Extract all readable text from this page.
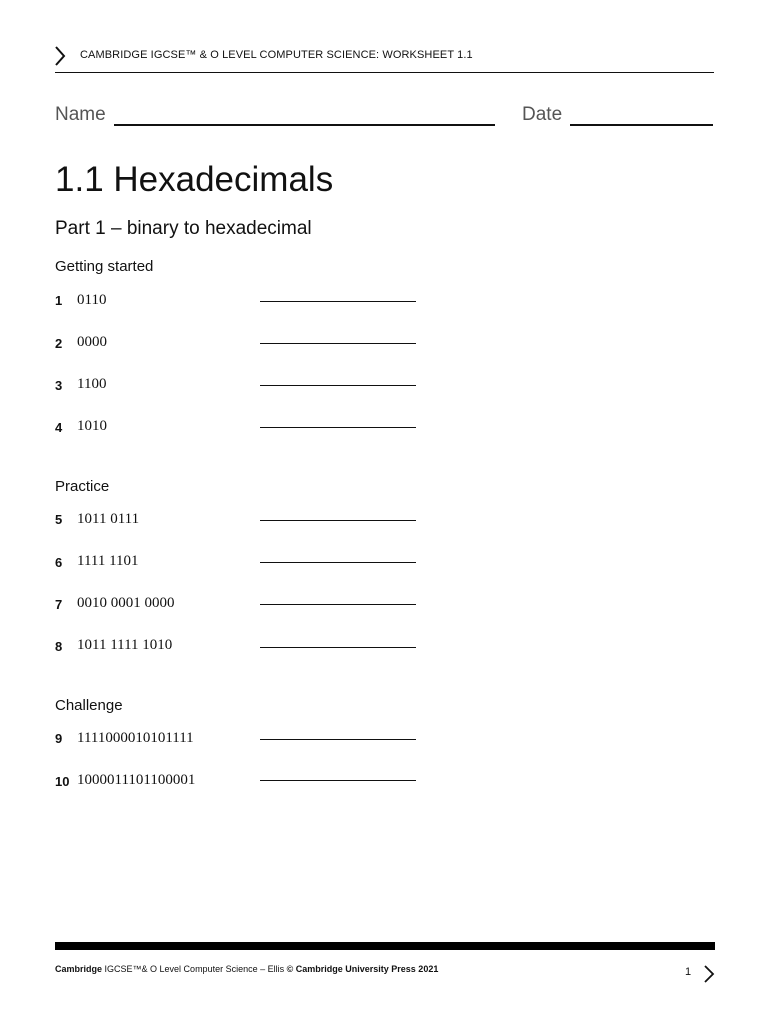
CAMBRIDGE IGCSE™ & O LEVEL COMPUTER SCIENCE: WORKSHEET 1.1
Name	Date
1.1 Hexadecimals
Part 1 – binary to hexadecimal
Getting started
1 0110
2 0000
3 1100
4 1010
Practice
5 1011 0111
6 1111 1101
7 0010 0001 0000
8 1011 1111 1010
Challenge
9 1111000010101111
10 1000011101100001
Cambridge IGCSE™& O Level Computer Science – Ellis © Cambridge University Press 2021	1
